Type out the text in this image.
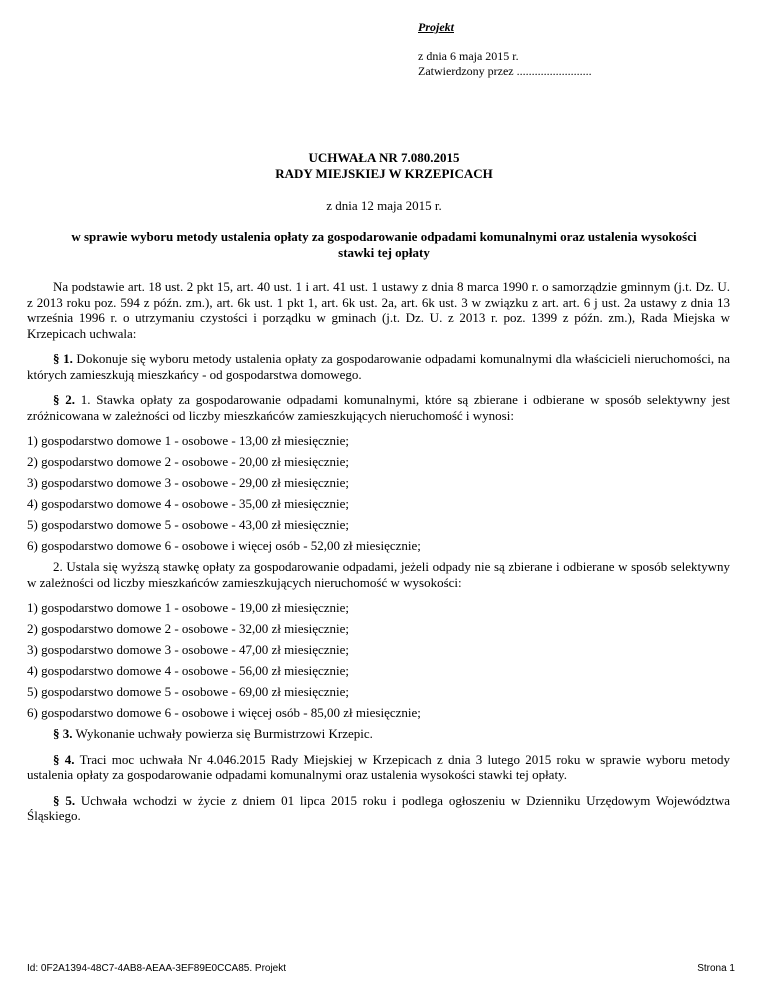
Projekt
z dnia 6 maja 2015 r.
Zatwierdzony przez .........................
UCHWAŁA NR 7.080.2015
RADY MIEJSKIEJ W KRZEPICACH
z dnia 12 maja 2015 r.
w sprawie wyboru metody ustalenia opłaty za gospodarowanie odpadami komunalnymi oraz ustalenia wysokości stawki tej opłaty

Na podstawie art. 18 ust. 2 pkt 15, art. 40 ust. 1 i art. 41 ust. 1 ustawy z dnia 8 marca 1990 r. o samorządzie gminnym (j.t. Dz. U. z 2013 roku poz. 594 z późn. zm.), art. 6k ust. 1 pkt 1, art. 6k ust. 2a, art. 6k ust. 3 w związku z art. art. 6 j ust. 2a ustawy z dnia 13 września 1996 r. o utrzymaniu czystości i porządku w gminach (j.t. Dz. U. z 2013 r. poz. 1399 z późn. zm.), Rada Miejska w Krzepicach uchwala:

§ 1. Dokonuje się wyboru metody ustalenia opłaty za gospodarowanie odpadami komunalnymi dla właścicieli nieruchomości, na których zamieszkują mieszkańcy - od gospodarstwa domowego.

§ 2. 1. Stawka opłaty za gospodarowanie odpadami komunalnymi, które są zbierane i odbierane w sposób selektywny jest zróżnicowana w zależności od liczby mieszkańców zamieszkujących nieruchomość i wynosi:

1) gospodarstwo domowe 1 - osobowe - 13,00 zł miesięcznie;
2) gospodarstwo domowe 2 - osobowe - 20,00 zł miesięcznie;
3) gospodarstwo domowe 3 - osobowe - 29,00 zł miesięcznie;
4) gospodarstwo domowe 4 - osobowe - 35,00 zł miesięcznie;
5) gospodarstwo domowe 5 - osobowe - 43,00 zł miesięcznie;
6) gospodarstwo domowe 6 - osobowe i więcej osób - 52,00 zł miesięcznie;

2. Ustala się wyższą stawkę opłaty za gospodarowanie odpadami, jeżeli odpady nie są zbierane i odbierane w sposób selektywny w zależności od liczby mieszkańców zamieszkujących nieruchomość w wysokości:

1) gospodarstwo domowe 1 - osobowe - 19,00 zł miesięcznie;
2) gospodarstwo domowe 2 - osobowe - 32,00 zł miesięcznie;
3) gospodarstwo domowe 3 - osobowe - 47,00 zł miesięcznie;
4) gospodarstwo domowe 4 - osobowe - 56,00 zł miesięcznie;
5) gospodarstwo domowe 5 - osobowe - 69,00 zł miesięcznie;
6) gospodarstwo domowe 6 - osobowe i więcej osób - 85,00 zł miesięcznie;

§ 3. Wykonanie uchwały powierza się Burmistrzowi Krzepic.

§ 4. Traci moc uchwała Nr 4.046.2015 Rady Miejskiej w Krzepicach z dnia 3 lutego 2015 roku w sprawie wyboru metody ustalenia opłaty za gospodarowanie odpadami komunalnymi oraz ustalenia wysokości stawki tej opłaty.

§ 5. Uchwała wchodzi w życie z dniem 01 lipca 2015 roku i podlega ogłoszeniu w Dzienniku Urzędowym Województwa Śląskiego.

Id: 0F2A1394-48C7-4AB8-AEAA-3EF89E0CCA85. Projekt	Strona 1
